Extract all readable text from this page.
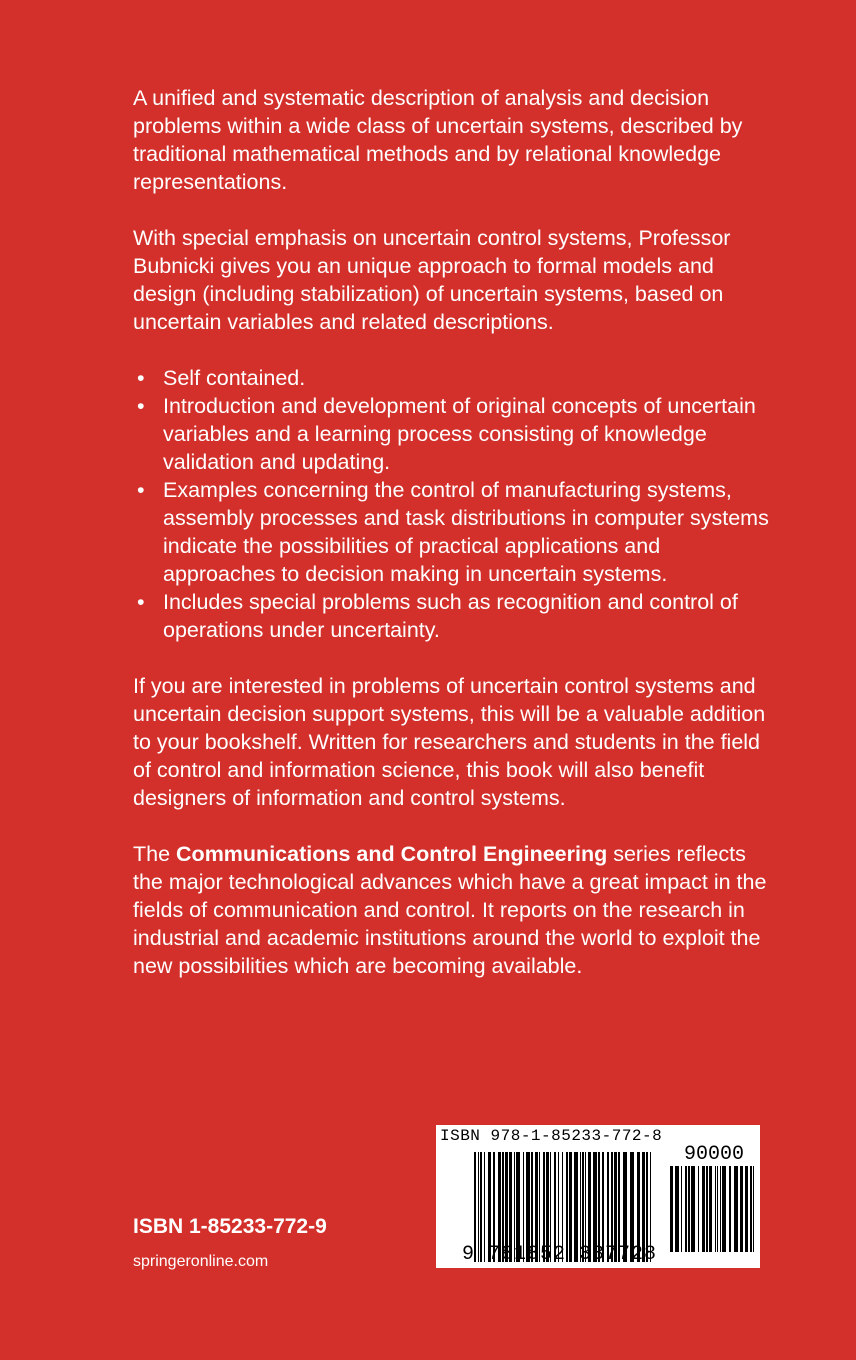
A unified and systematic description of analysis and decision problems within a wide class of uncertain systems, described by traditional mathematical methods and by relational knowledge representations.

With special emphasis on uncertain control systems, Professor Bubnicki gives you an unique approach to formal models and design (including stabilization) of uncertain systems, based on uncertain variables and related descriptions.

• Self contained.
• Introduction and development of original concepts of uncertain variables and a learning process consisting of knowledge validation and updating.
• Examples concerning the control of manufacturing systems, assembly processes and task distributions in computer systems indicate the possibilities of practical applications and approaches to decision making in uncertain systems.
• Includes special problems such as recognition and control of operations under uncertainty.

If you are interested in problems of uncertain control systems and uncertain decision support systems, this will be a valuable addition to your bookshelf. Written for researchers and students in the field of control and information science, this book will also benefit designers of information and control systems.

The Communications and Control Engineering series reflects the major technological advances which have a great impact in the fields of communication and control. It reports on the research in industrial and academic institutions around the world to exploit the new possibilities which are becoming available.

ISBN 1-85233-772-9
springeronline.com
ISBN 978-1-85233-772-8
90000
9 781852 337728
